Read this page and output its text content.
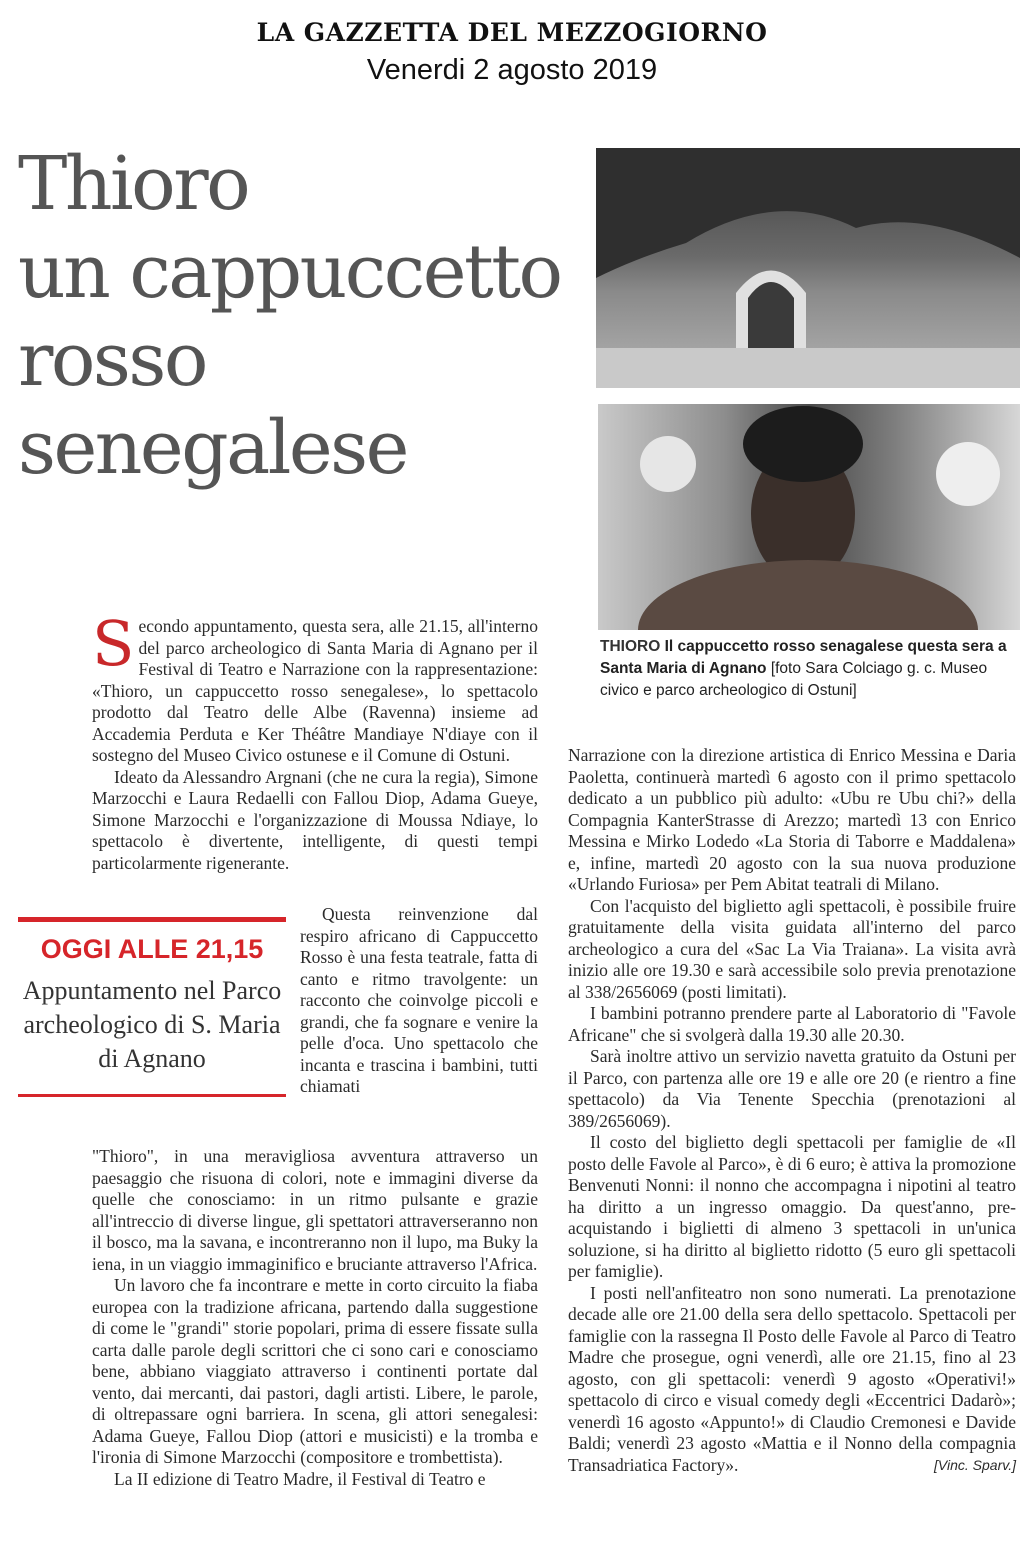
LA GAZZETTA DEL MEZZOGIORNO
Venerdi 2 agosto 2019
Thioro
un cappuccetto
rosso
senegalese
THIORO Il cappuccetto rosso senagalese questa sera a Santa Maria di Agnano [foto Sara Colciago g. c. Museo civico e parco archeologico di Ostuni]

Secondo appuntamento, questa sera, alle 21.15, all'interno del parco archeologico di Santa Maria di Agnano per il Festival di Teatro e Narrazione con la rappresentazione: «Thioro, un cappuccetto rosso senegalese», lo spettacolo prodotto dal Teatro delle Albe (Ravenna) insieme ad Accademia Perduta e Ker Théâtre Mandiaye N'diaye con il sostegno del Museo Civico ostunese e il Comune di Ostuni.

Ideato da Alessandro Argnani (che ne cura la regia), Simone Marzocchi e Laura Redaelli con Fallou Diop, Adama Gueye, Simone Marzocchi e l'organizzazione di Moussa Ndiaye, lo spettacolo è divertente, intelligente, di questi tempi particolarmente rigenerante.

OGGI ALLE 21,15
Appuntamento nel Parco archeologico di S. Maria di Agnano

Questa reinvenzione dal respiro africano di Cappuccetto Rosso è una festa teatrale, fatta di canto e ritmo travolgente: un racconto che coinvolge piccoli e grandi, che fa sognare e venire la pelle d'oca. Uno spettacolo che incanta e trascina i bambini, tutti chiamati

"Thioro", in una meravigliosa avventura attraverso un paesaggio che risuona di colori, note e immagini diverse da quelle che conosciamo: in un ritmo pulsante e grazie all'intreccio di diverse lingue, gli spettatori attraverseranno non il bosco, ma la savana, e incontreranno non il lupo, ma Buky la iena, in un viaggio immaginifico e bruciante attraverso l'Africa.

Un lavoro che fa incontrare e mette in corto circuito la fiaba europea con la tradizione africana, partendo dalla suggestione di come le "grandi" storie popolari, prima di essere fissate sulla carta dalle parole degli scrittori che ci sono cari e conosciamo bene, abbiano viaggiato attraverso i continenti portate dal vento, dai mercanti, dai pastori, dagli artisti. Libere, le parole, di oltrepassare ogni barriera. In scena, gli attori senegalesi: Adama Gueye, Fallou Diop (attori e musicisti) e la tromba e l'ironia di Simone Marzocchi (compositore e trombettista).

La II edizione di Teatro Madre, il Festival di Teatro e

Narrazione con la direzione artistica di Enrico Messina e Daria Paoletta, continuerà martedì 6 agosto con il primo spettacolo dedicato a un pubblico più adulto: «Ubu re Ubu chi?» della Compagnia KanterStrasse di Arezzo; martedì 13 con Enrico Messina e Mirko Lodedo «La Storia di Taborre e Maddalena» e, infine, martedì 20 agosto con la sua nuova produzione «Urlando Furiosa» per Pem Abitat teatrali di Milano.

Con l'acquisto del biglietto agli spettacoli, è possibile fruire gratuitamente della visita guidata all'interno del parco archeologico a cura del «Sac La Via Traiana». La visita avrà inizio alle ore 19.30 e sarà accessibile solo previa prenotazione al 338/2656069 (posti limitati).

I bambini potranno prendere parte al Laboratorio di "Favole Africane" che si svolgerà dalla 19.30 alle 20.30.

Sarà inoltre attivo un servizio navetta gratuito da Ostuni per il Parco, con partenza alle ore 19 e alle ore 20 (e rientro a fine spettacolo) da Via Tenente Specchia (prenotazioni al 389/2656069).

Il costo del biglietto degli spettacoli per famiglie de «Il posto delle Favole al Parco», è di 6 euro; è attiva la promozione Benvenuti Nonni: il nonno che accompagna i nipotini al teatro ha diritto a un ingresso omaggio. Da quest'anno, pre-acquistando i biglietti di almeno 3 spettacoli in un'unica soluzione, si ha diritto al biglietto ridotto (5 euro gli spettacoli per famiglie).

I posti nell'anfiteatro non sono numerati. La prenotazione decade alle ore 21.00 della sera dello spettacolo. Spettacoli per famiglie con la rassegna Il Posto delle Favole al Parco di Teatro Madre che prosegue, ogni venerdì, alle ore 21.15, fino al 23 agosto, con gli spettacoli: venerdì 9 agosto «Operativi!» spettacolo di circo e visual comedy degli «Eccentrici Dadarò»; venerdì 16 agosto «Appunto!» di Claudio Cremonesi e Davide Baldi; venerdì 23 agosto «Mattia e il Nonno della compagnia Transadriatica Factory».	[Vinc. Sparv.]
